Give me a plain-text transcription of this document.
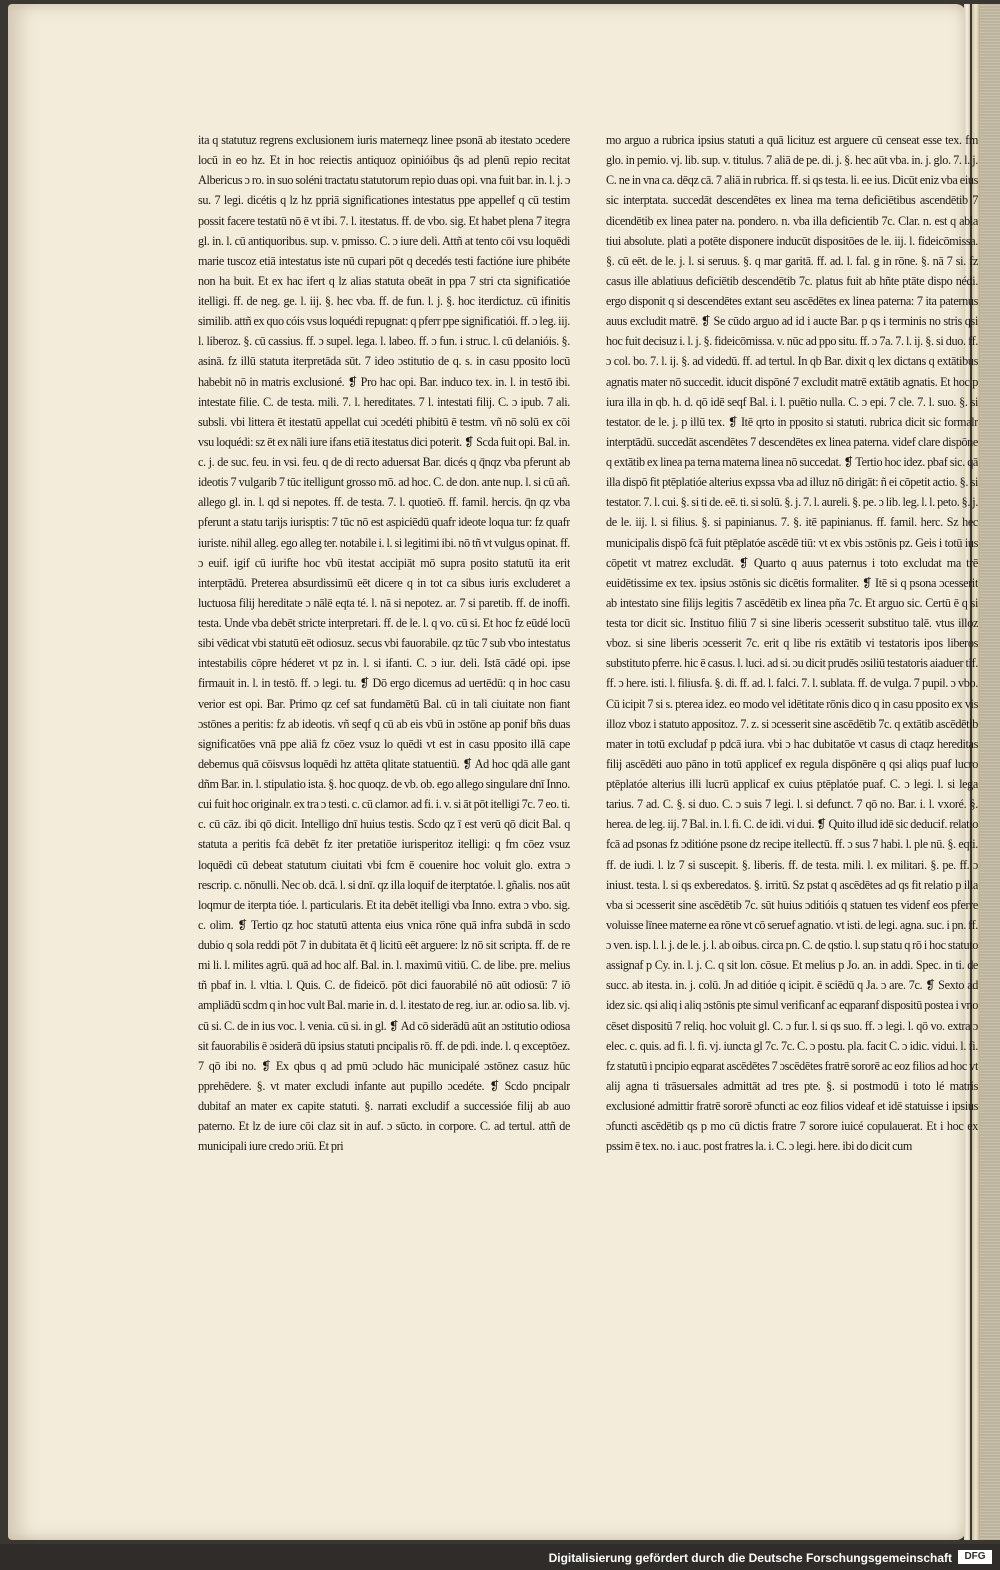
ita q statutuz regrens exclusionem iuris materneqz linee psonā ab itestato ɔcedere locū in eo hz. Et in hoc reiectis antiquoz opinióibus q̃s ad plenū repio recitat Albericus ɔ ro. in suo soléni tractatu statutorum repio duas opi. vna fuit bar. in. l. j. ɔ su. 7 legi. dicétis q lz hz ppriā significationes intestatus ppe appellef q cū testim possit facere testatū nō ē vt ibi. 7. l. itestatus. ff. de vbo. sig. Et habet plena 7 itegra gl. in. l. cū antiquoribus. sup. v. pmisso. C. ɔ iure deli. Attñ at tento cōi vsu loquēdi marie tuscoz etiā intestatus iste nū cupari pōt q decedés testi factióne iure phibéte non ha buit. Et ex hac ifert q lz alias statuta obeāt in ppa 7 stri cta significatióe itelligi. ff. de neg. ge. l. iij. §. hec vba. ff. de fun. l. j. §. hoc iterdictuz. cū ifinitis similib. attñ ex quo cóis vsus loquédi repugnat: q pferr ppe significatiói. ff. ɔ leg. iij. l. liberoz. §. cū cassius. ff. ɔ supel. lega. l. labeo. ff. ɔ fun. i struc. l. cū delanióis. §. asinā. fz illū statuta iterpretāda sūt. 7 ideo ɔstitutio de q. s. in casu pposito locū habebit nō in matris exclusioné. ❡ Pro hac opi. Bar. induco tex. in. l. in testō ibi. intestate filie. C. de testa. mili. 7. l. hereditates. 7 l. intestati filij. C. ɔ ipub. 7 ali. subsli. vbi littera ēt itestatū appellat cui ɔcedéti phibitū ē testm. vñ nō solū ex cōi vsu loquédi: sz ēt ex nāli iure ifans etiā itestatus dici poterit. ❡ Scda fuit opi. Bal. in. c. j. de suc. feu. in vsi. feu. q de di recto aduersat Bar. dicés q q̄nqz vba pferunt ab ideotis 7 vulgarib 7 tūc itelligunt grosso mō. ad hoc. C. de don. ante nup. l. si cū añ. allego gl. in. l. qd si nepotes. ff. de testa. 7. l. quotieō. ff. famil. hercis. q̄n qz vba pferunt a statu tarijs iurisptis: 7 tūc nō est aspiciēdū quafr ideote loqua tur: fz quafr iuriste. nihil alleg. ego alleg ter. notabile i. l. si legitimi ibi. nō tñ vt vulgus opinat. ff. ɔ euif. igif cū iurifte hoc vbū itestat accipiāt mō supra posito statutū ita erit interptādū. Preterea absurdissimū eēt dicere q in tot ca sibus iuris excluderet a luctuosa filij hereditate ɔ nālē eqta té. l. nā si nepotez. ar. 7 si paretib. ff. de inoffi. testa. Unde vba debēt stricte interpretari. ff. de le. l. q vo. cū si. Et hoc fz eūdé locū sibi vēdicat vbi statutū eēt odiosuz. secus vbi fauorabile. qz tūc 7 sub vbo intestatus intestabilis cōpre héderet vt pz in. l. si ifanti. C. ɔ iur. deli. Istā cādé opi. ipse firmauit in. l. in testō. ff. ɔ legi. tu. ❡ Dō ergo dicemus ad uertēdū: q in hoc casu verior est opi. Bar. Primo qz cef sat fundamētū Bal. cū in tali ciuitate non fiant ɔstōnes a peritis: fz ab ideotis. vñ seqf q cū ab eis vbū in ɔstōne ap ponif bñs duas significatōes vnā ppe aliā fz cōez vsuz lo quēdi vt est in casu pposito illā cape debemus quā cōisvsus loquēdi hz attēta qlitate statuentiū. ❡ Ad hoc qdā alle gant dñm Bar. in. l. stipulatio ista. §. hoc quoqz. de vb. ob. ego allego singulare dnī Inno. cui fuit hoc originalr. ex tra ɔ testi. c. cū clamor. ad fi. i. v. si āt pōt itelligi 7c. 7 eo. ti. c. cū cāz. ibi qō dicit. Intelligo dnī huius testis. Scdo qz ī est verū qō dicit Bal. q statuta a peritis fcā debēt fz iter pretatiōe iurisperitoz itelligi: q fm cōez vsuz loquēdi cū debeat statutum ciuitati vbi fcm ē couenire hoc voluit glo. extra ɔ rescrip. c. nōnulli. Nec ob. dcā. l. si dnī. qz illa loquif de iterptatóe. l. gñalis. nos aūt loqmur de iterpta tióe. l. particularis. Et ita debēt itelligi vba Inno. extra ɔ vbo. sig. c. olim. ❡ Tertio qz hoc statutū attenta eius vnica rōne quā infra subdā in scdo dubio q sola reddi pōt 7 in dubitata ēt q̄ licitū eēt arguere: lz nō sit scripta. ff. de re mi li. l. milites agrū. quā ad hoc alf. Bal. in. l. maximū vitiū. C. de libe. pre. melius tñ pbaf in. l. vltia. l. Quis. C. de fideicō. pōt dici fauorabilé nō aūt odiosū: 7 iō ampliādū scdm q in hoc vult Bal. marie in. d. l. itestato de reg. iur. ar. odio sa. lib. vj. cū si. C. de in ius voc. l. venia. cū si. in gl. ❡ Ad cō siderādū aūt an ɔstitutio odiosa sit fauorabilis ē ɔsiderā dū ipsius statuti pncipalis rō. ff. de pdi. inde. l. q exceptōez. 7 qō ibi no. ❡ Ex qbus q ad pmū ɔcludo hāc municipalé ɔstōnez casuz hūc pprehēdere. §. vt mater excludi infante aut pupillo ɔcedéte. ❡ Scdo pncipalr dubitaf an mater ex capite statuti. §. narrati excludif a successióe filij ab auo paterno. Et lz de iure cōi claz sit in auf. ɔ sūcto. in corpore. C. ad tertul. attñ de municipali iure credo ɔriū. Et pri

mo arguo a rubrica ipsius statuti a quā licituz est arguere cū censeat esse tex. fm glo. in pemio. vj. lib. sup. v. titulus. 7 aliā de pe. di. j. §. hec aūt vba. in. j. glo. 7. l. j. C. ne in vna ca. dēqz cā. 7 aliā in rubrica. ff. si qs testa. li. ee ius. Dicūt eniz vba eius sic interptata. succedāt descendētes ex linea ma terna deficiētibus ascendētib 7 dicendētib ex linea pater na. pondero. n. vba illa deficientib 7c. Clar. n. est q abla tiui absolute. plati a potēte disponere inducūt dispositōes de le. iij. l. fideicōmissa. §. cū eēt. de le. j. l. si seruus. §. q mar garitā. ff. ad. l. fal. g in rōne. §. nā 7 si. fz casus ille ablatiuus deficiētib descendētib 7c. platus fuit ab hñte ptāte dispo nédi. ergo disponit q si descendētes extant seu ascēdētes ex linea paterna: 7 ita paternus auus excludit matrē. ❡ Se cūdo arguo ad id i aucte Bar. p qs i terminis no stris qsi hoc fuit decisuz i. l. j. §. fideicōmissa. v. nūc ad ppo situ. ff. ɔ 7a. 7. l. ij. §. si duo. ff. ɔ col. bo. 7. l. ij. §. ad videdū. ff. ad tertul. In qb Bar. dixit q lex dictans q extātibus agnatis mater nō succedit. iducit dispōné 7 excludit matrē extātib agnatis. Et hoc p iura illa in qb. h. d. qō idē seqf Bal. i. l. puētio nulla. C. ɔ epi. 7 cle. 7. l. suo. §. si testator. de le. j. p illū tex. ❡ Itē qrto in pposito si statuti. rubrica dicit sic formalr interptādū. succedāt ascendētes 7 descendētes ex linea paterna. videf clare dispōne q extātib ex linea pa terna materna linea nō succedat. ❡ Tertio hoc idez. pbaf sic. qā illa dispō fit ptēplatióe alterius expssa vba ad illuz nō dirigāt: ñ ei cōpetit actio. §. si testator. 7. l. cui. §. si ti de. eē. ti. si solū. §. j. 7. l. aureli. §. pe. ɔ lib. leg. l. l. peto. §. j. de le. iij. l. si filius. §. si papinianus. 7. §. itē papinianus. ff. famil. herc. Sz hec municipalis dispō fcā fuit ptēplatóe ascēdē tiū: vt ex vbis ɔstōnis pz. Geis i totū ius cōpetit vt matrez excludāt. ❡ Quarto q auus paternus i toto excludat ma trē euidētissime ex tex. ipsius ɔstōnis sic dicētis formaliter. ❡ Itē si q psona ɔcesserit ab intestato sine filijs legitis 7 ascēdētib ex linea pña 7c. Et arguo sic. Certū ē q si testa tor dicit sic. Instituo filiū 7 si sine liberis ɔcesserit substituo talē. vtus illoz vboz. si sine liberis ɔcesserit 7c. erit q libe ris extātib vi testatoris ipos liberos substituto pferre. hic ē casus. l. luci. ad si. ɔu dicit prudēs ɔsiliū testatoris aiaduer tif. ff. ɔ here. isti. l. filiusfa. §. di. ff. ad. l. falci. 7. l. sublata. ff. de vulga. 7 pupil. ɔ vbo. Cū icipit 7 si s. pterea idez. eo modo vel idētitate rōnis dico q in casu pposito ex vis illoz vboz i statuto appositoz. 7. z. si ɔcesserit sine ascēdētib 7c. q extātib ascēdētib mater in totū excludaf p pdcā iura. vbi ɔ hac dubitatōe vt casus di ctaqz hereditas filij ascēdēti auo pāno in totū applicef ex regula dispōnēre q qsi aliqs puaf lucro ptēplatóe alterius illi lucrū applicaf ex cuius ptēplatóe puaf. C. ɔ legi. l. si lega tarius. 7 ad. C. §. si duo. C. ɔ suis 7 legi. l. si defunct. 7 qō no. Bar. i. l. vxoré. §. herea. de leg. iij. 7 Bal. in. l. fi. C. de idi. vi dui. ❡ Quito illud idē sic deducif. relatio fcā ad psonas fz ɔditióne psone dz recipe itellectū. ff. ɔ sus 7 habi. l. ple nū. §. eqti. ff. de iudi. l. lz 7 si suscepit. §. liberis. ff. de testa. mili. l. ex militari. §. pe. ff. ɔ iniust. testa. l. si qs exberedatos. §. irritū. Sz pstat q ascēdētes ad qs fit relatio p illa vba si ɔcesserit sine ascēdētib 7c. sūt huius ɔditióis q statuen tes videnf eos pferre voluisse līnee materne ea rōne vt cō seruef agnatio. vt isti. de legi. agna. suc. i pn. ff. ɔ ven. isp. l. l. j. de le. j. l. ab oibus. circa pn. C. de qstio. l. sup statu q rō i hoc statuto assignaf p Cy. in. l. j. C. q sit lon. cōsue. Et melius p Jo. an. in addi. Spec. in ti. de succ. ab itesta. in. j. colū. Jn ad ditióe q icipit. ē sciēdū q Ja. ɔ are. 7c. ❡ Sexto ad idez sic. qsi aliq i aliq ɔstōnis pte simul verificanf ac eqparanf dispositū postea i vno cēset dispositū 7 reliq. hoc voluit gl. C. ɔ fur. l. si qs suo. ff. ɔ legi. l. qō vo. extra ɔ elec. c. quis. ad fi. l. fi. vj. iuncta gl 7c. 7c. C. ɔ postu. pla. facit C. ɔ idic. vidui. l. fi. fz statutū i pncipio eqparat ascēdētes 7 ɔscēdētes fratrē sororē ac eoz filios ad hoc vt alij agna ti trāsuersales admittāt ad tres pte. §. si postmodū i toto lé matris exclusioné admittir fratrē sororē ɔfuncti ac eoz filios videaf et idē statuisse i ipsius ɔfuncti ascēdētib qs p mo cū dictis fratre 7 sorore iuicé copulauerat. Et i hoc ex pssim ē tex. no. i auc. post fratres la. i. C. ɔ legi. here. ibi do dicit cum

Digitalisierung gefördert durch die Deutsche Forschungsgemeinschaft	DFG
